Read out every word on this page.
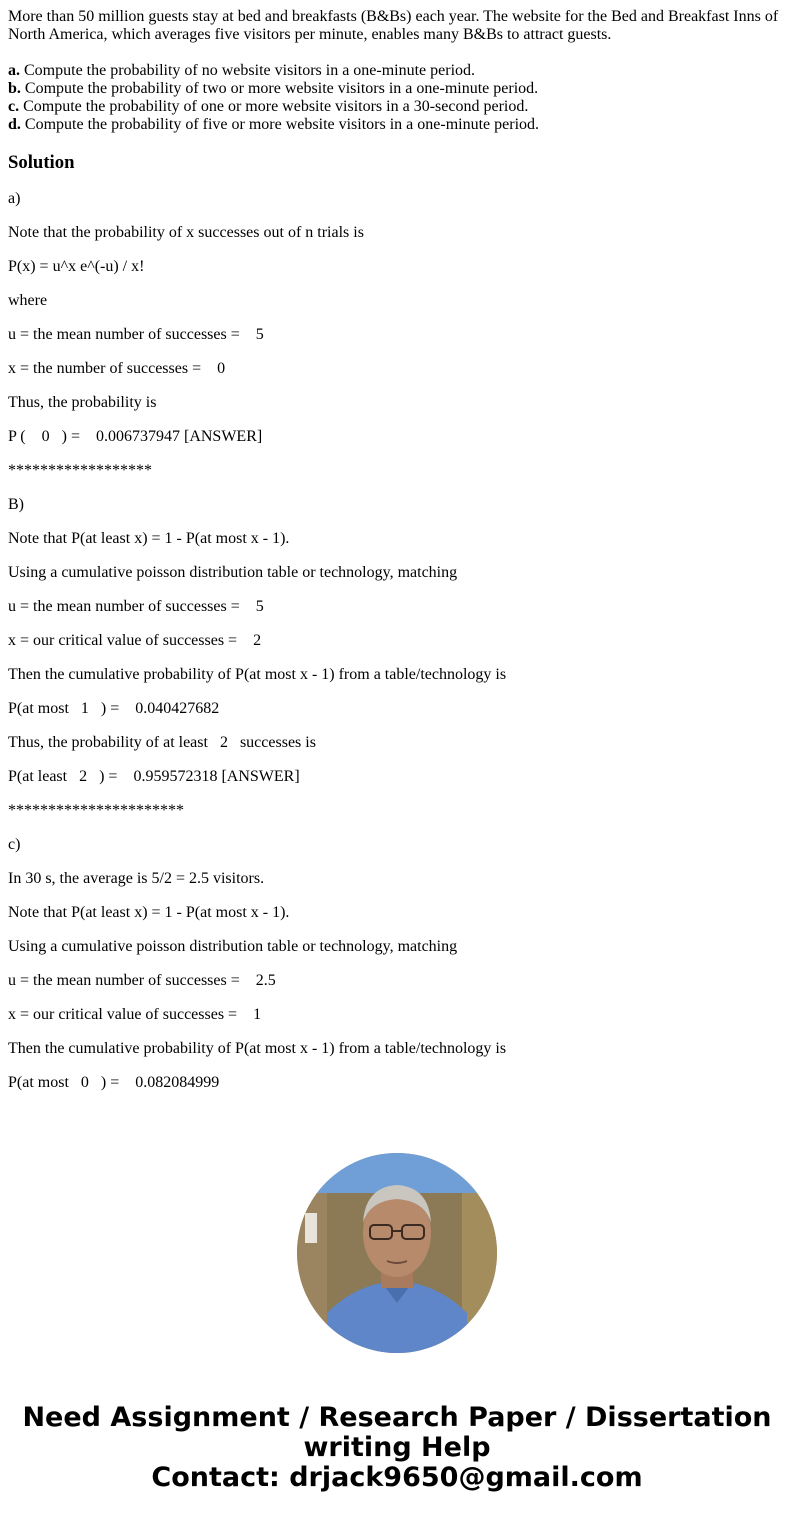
More than 50 million guests stay at bed and breakfasts (B&Bs) each year. The website for the Bed and Breakfast Inns of North America, which averages five visitors per minute, enables many B&Bs to attract guests.
a. Compute the probability of no website visitors in a one-minute period.
b. Compute the probability of two or more website visitors in a one-minute period.
c. Compute the probability of one or more website visitors in a 30-second period.
d. Compute the probability of five or more website visitors in a one-minute period.
Solution

a)

Note that the probability of x successes out of n trials is

P(x) = u^x e^(-u) / x!

where

u = the mean number of successes =    5

x = the number of successes =    0

Thus, the probability is

P (    0   ) =    0.006737947 [ANSWER]

******************

B)

Note that P(at least x) = 1 - P(at most x - 1).

Using a cumulative poisson distribution table or technology, matching

u = the mean number of successes =    5

x = our critical value of successes =    2

Then the cumulative probability of P(at most x - 1) from a table/technology is

P(at most   1   ) =    0.040427682

Thus, the probability of at least   2   successes is

P(at least   2   ) =    0.959572318 [ANSWER]

**********************

c)

In 30 s, the average is 5/2 = 2.5 visitors.

Note that P(at least x) = 1 - P(at most x - 1).

Using a cumulative poisson distribution table or technology, matching

u = the mean number of successes =    2.5

x = our critical value of successes =    1

Then the cumulative probability of P(at most x - 1) from a table/technology is

P(at most   0   ) =    0.082084999

Need Assignment / Research Paper / Dissertation
writing Help
Contact: drjack9650@gmail.com
